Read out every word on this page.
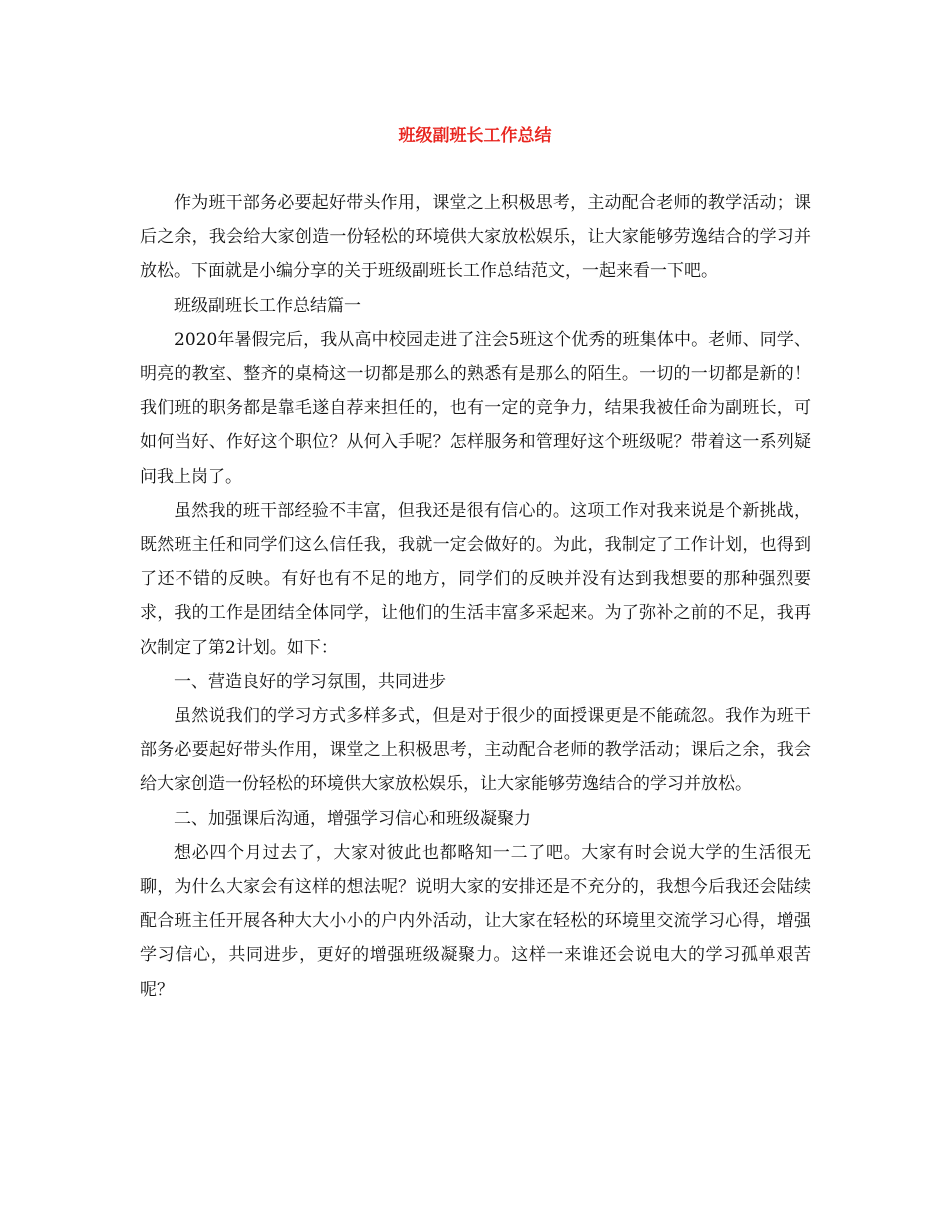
班级副班长工作总结

作为班干部务必要起好带头作用，课堂之上积极思考，主动配合老师的教学活动；课后之余，我会给大家创造一份轻松的环境供大家放松娱乐，让大家能够劳逸结合的学习并放松。下面就是小编分享的关于班级副班长工作总结范文，一起来看一下吧。

班级副班长工作总结篇一

2020年暑假完后，我从高中校园走进了注会5班这个优秀的班集体中。老师、同学、明亮的教室、整齐的桌椅这一切都是那么的熟悉有是那么的陌生。一切的一切都是新的！我们班的职务都是靠毛遂自荐来担任的，也有一定的竞争力，结果我被任命为副班长，可如何当好、作好这个职位？从何入手呢？怎样服务和管理好这个班级呢？带着这一系列疑问我上岗了。

虽然我的班干部经验不丰富，但我还是很有信心的。这项工作对我来说是个新挑战，既然班主任和同学们这么信任我，我就一定会做好的。为此，我制定了工作计划，也得到了还不错的反映。有好也有不足的地方，同学们的反映并没有达到我想要的那种强烈要求，我的工作是团结全体同学，让他们的生活丰富多采起来。为了弥补之前的不足，我再次制定了第2计划。如下：

一、营造良好的学习氛围，共同进步

虽然说我们的学习方式多样多式，但是对于很少的面授课更是不能疏忽。我作为班干部务必要起好带头作用，课堂之上积极思考，主动配合老师的教学活动；课后之余，我会给大家创造一份轻松的环境供大家放松娱乐，让大家能够劳逸结合的学习并放松。

二、加强课后沟通，增强学习信心和班级凝聚力

想必四个月过去了，大家对彼此也都略知一二了吧。大家有时会说大学的生活很无聊，为什么大家会有这样的想法呢？说明大家的安排还是不充分的，我想今后我还会陆续配合班主任开展各种大大小小的户内外活动，让大家在轻松的环境里交流学习心得，增强学习信心，共同进步，更好的增强班级凝聚力。这样一来谁还会说电大的学习孤单艰苦呢？
